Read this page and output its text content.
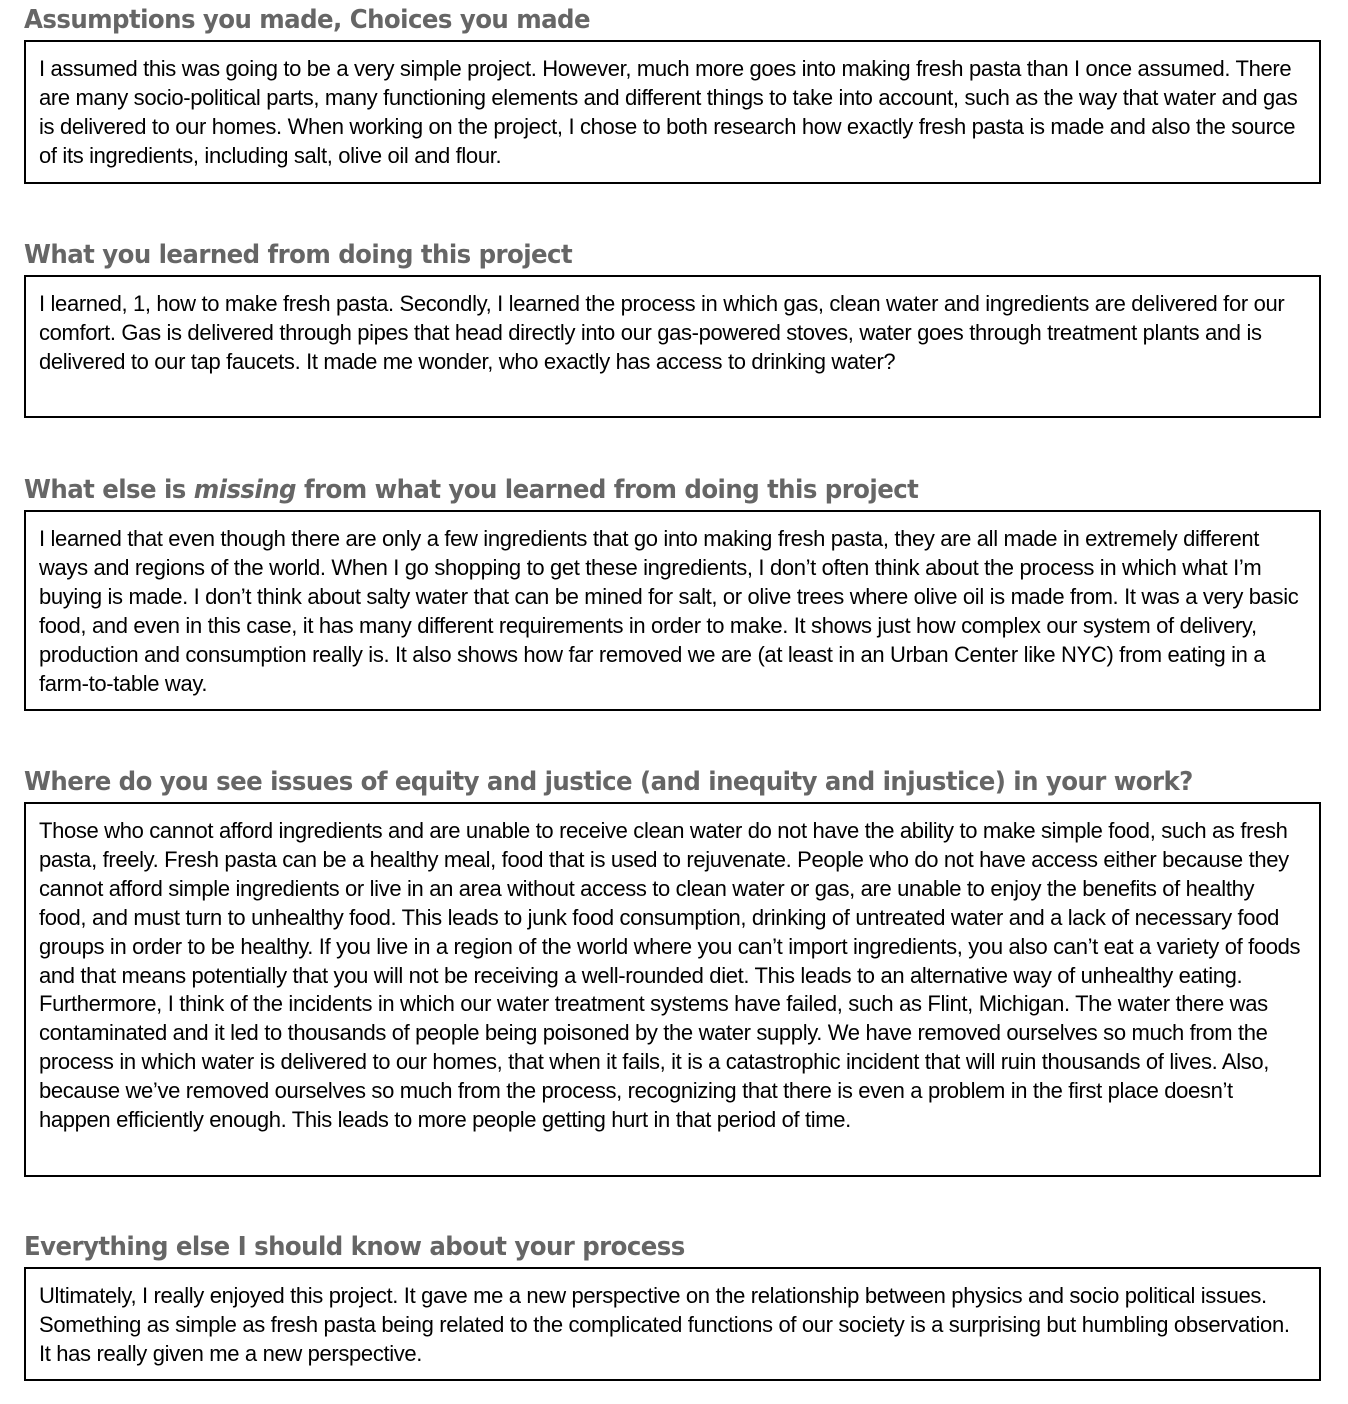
Assumptions you made, Choices you made
I assumed this was going to be a very simple project. However, much more goes into making fresh pasta than I once assumed. There are many socio-political parts, many functioning elements and different things to take into account, such as the way that water and gas is delivered to our homes. When working on the project, I chose to both research how exactly fresh pasta is made and also the source of its ingredients, including salt, olive oil and flour.
What you learned from doing this project
I learned, 1, how to make fresh pasta. Secondly, I learned the process in which gas, clean water and ingredients are delivered for our comfort. Gas is delivered through pipes that head directly into our gas-powered stoves, water goes through treatment plants and is delivered to our tap faucets. It made me wonder, who exactly has access to drinking water?
What else is missing from what you learned from doing this project
I learned that even though there are only a few ingredients that go into making fresh pasta, they are all made in extremely different ways and regions of the world. When I go shopping to get these ingredients, I don’t often think about the process in which what I’m buying is made. I don’t think about salty water that can be mined for salt, or olive trees where olive oil is made from. It was a very basic food, and even in this case, it has many different requirements in order to make. It shows just how complex our system of delivery, production and consumption really is. It also shows how far removed we are (at least in an Urban Center like NYC) from eating in a farm-to-table way.
Where do you see issues of equity and justice (and inequity and injustice) in your work?
Those who cannot afford ingredients and are unable to receive clean water do not have the ability to make simple food, such as fresh pasta, freely. Fresh pasta can be a healthy meal, food that is used to rejuvenate. People who do not have access either because they cannot afford simple ingredients or live in an area without access to clean water or gas, are unable to enjoy the benefits of healthy food, and must turn to unhealthy food. This leads to junk food consumption, drinking of untreated water and a lack of necessary food groups in order to be healthy. If you live in a region of the world where you can’t import ingredients, you also can’t eat a variety of foods and that means potentially that you will not be receiving a well-rounded diet. This leads to an alternative way of unhealthy eating. Furthermore, I think of the incidents in which our water treatment systems have failed, such as Flint, Michigan. The water there was contaminated and it led to thousands of people being poisoned by the water supply. We have removed ourselves so much from the process in which water is delivered to our homes, that when it fails, it is a catastrophic incident that will ruin thousands of lives. Also, because we’ve removed ourselves so much from the process, recognizing that there is even a problem in the first place doesn’t happen efficiently enough. This leads to more people getting hurt in that period of time.
Everything else I should know about your process
Ultimately, I really enjoyed this project. It gave me a new perspective on the relationship between physics and socio political issues. Something as simple as fresh pasta being related to the complicated functions of our society is a surprising but humbling observation. It has really given me a new perspective.
